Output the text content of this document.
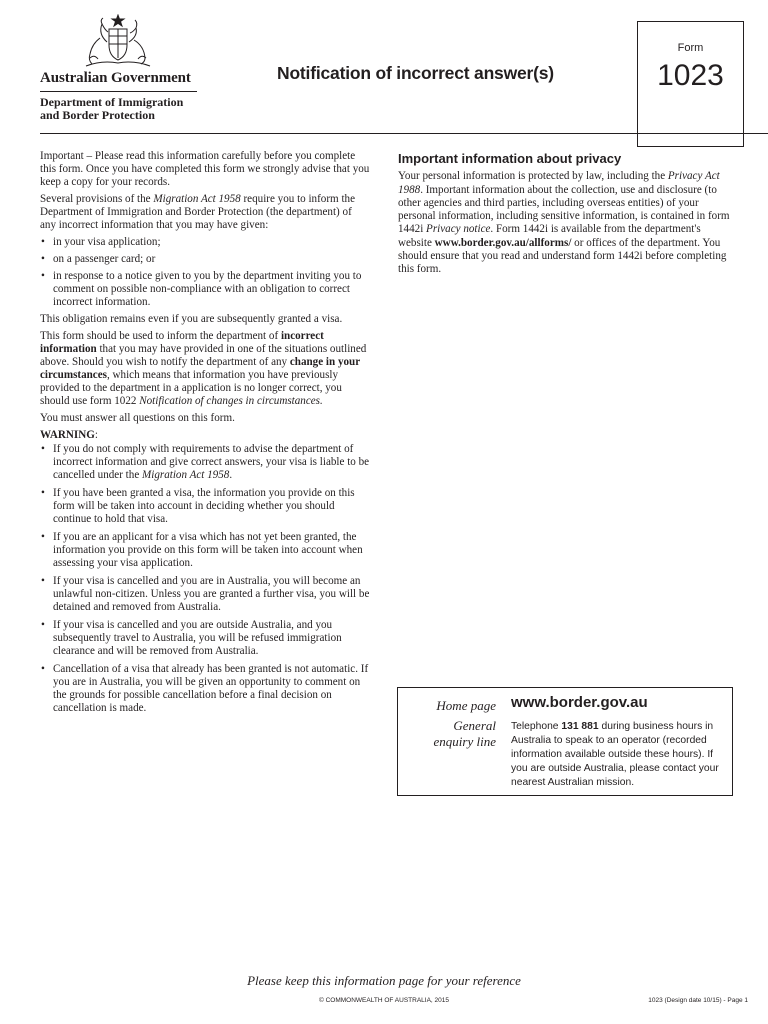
Australian Government
Department of Immigration
and Border Protection
Notification of incorrect answer(s)
Form
1023

Important – Please read this information carefully before you complete this form. Once you have completed this form we strongly advise that you keep a copy for your records.

Several provisions of the Migration Act 1958 require you to inform the Department of Immigration and Border Protection (the department) of any incorrect information that you may have given:

• in your visa application;
• on a passenger card; or
• in response to a notice given to you by the department inviting you to comment on possible non-compliance with an obligation to correct incorrect information.

This obligation remains even if you are subsequently granted a visa.

This form should be used to inform the department of incorrect information that you may have provided in one of the situations outlined above. Should you wish to notify the department of any change in your circumstances, which means that information you have previously provided to the department in a application is no longer correct, you should use form 1022 Notification of changes in circumstances.

You must answer all questions on this form.

WARNING:

• If you do not comply with requirements to advise the department of incorrect information and give correct answers, your visa is liable to be cancelled under the Migration Act 1958.
• If you have been granted a visa, the information you provide on this form will be taken into account in deciding whether you should continue to hold that visa.
• If you are an applicant for a visa which has not yet been granted, the information you provide on this form will be taken into account when assessing your visa application.
• If your visa is cancelled and you are in Australia, you will become an unlawful non-citizen. Unless you are granted a further visa, you will be detained and removed from Australia.
• If your visa is cancelled and you are outside Australia, and you subsequently travel to Australia, you will be refused immigration clearance and will be removed from Australia.
• Cancellation of a visa that already has been granted is not automatic. If you are in Australia, you will be given an opportunity to comment on the grounds for possible cancellation before a final decision on cancellation is made.
Important information about privacy

Your personal information is protected by law, including the Privacy Act 1988. Important information about the collection, use and disclosure (to other agencies and third parties, including overseas entities) of your personal information, including sensitive information, is contained in form 1442i Privacy notice. Form 1442i is available from the department's website www.border.gov.au/allforms/ or offices of the department. You should ensure that you read and understand form 1442i before completing this form.

Home page www.border.gov.au
General
enquiry line
Telephone 131 881 during business hours in Australia to speak to an operator (recorded information available outside these hours). If you are outside Australia, please contact your nearest Australian mission.
Please keep this information page for your reference
© COMMONWEALTH OF AUSTRALIA, 2015	1023 (Design date 10/15) - Page 1
